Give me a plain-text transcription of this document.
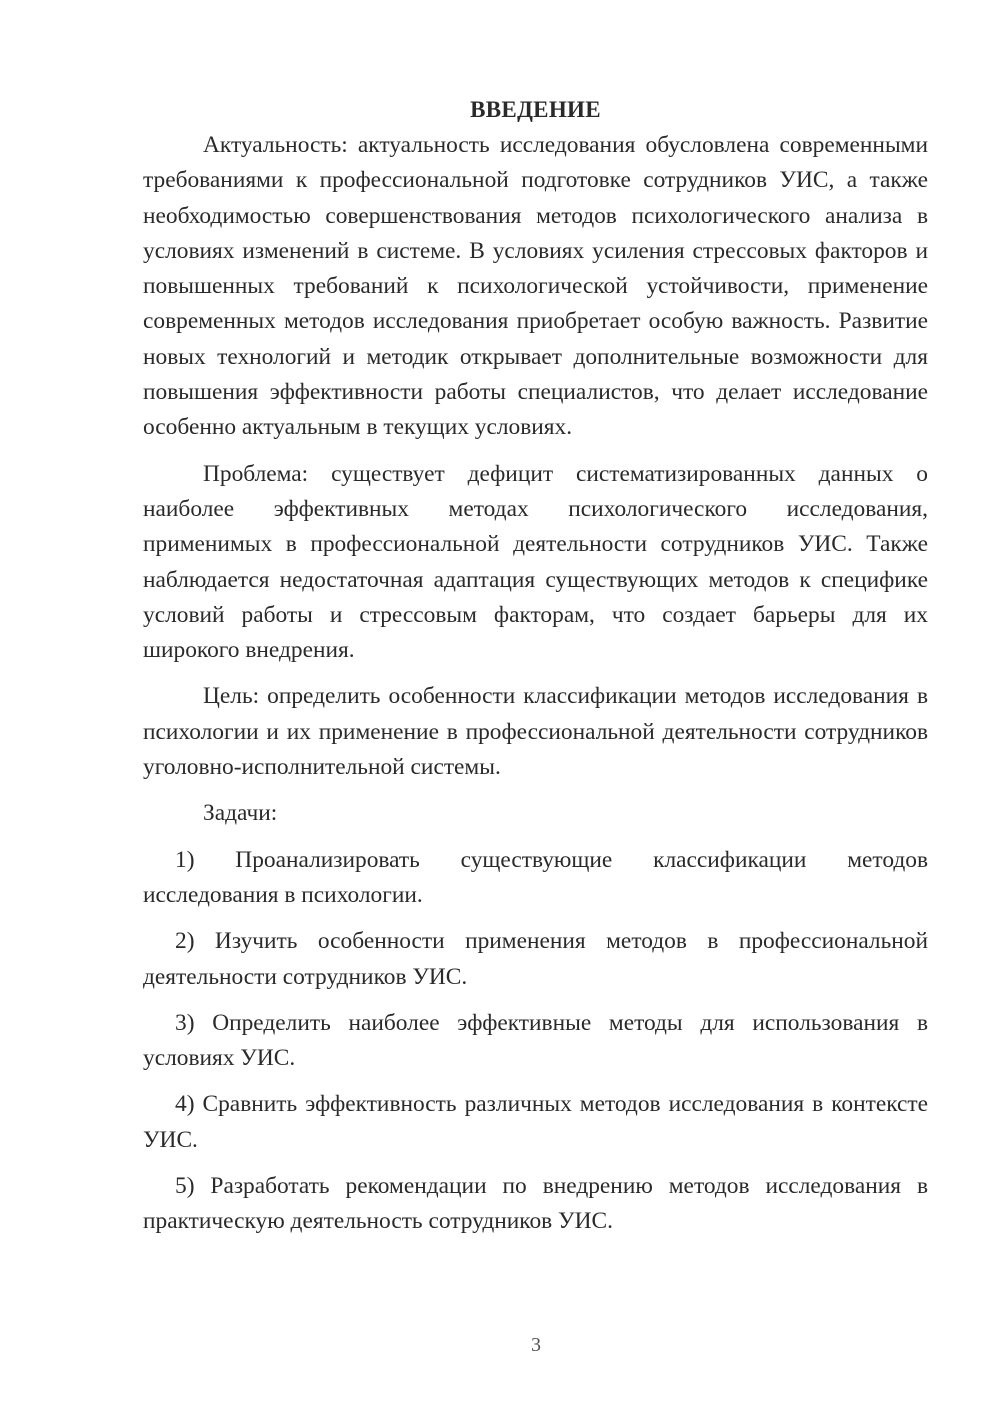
ВВЕДЕНИЕ

Актуальность: актуальность исследования обусловлена современными требованиями к профессиональной подготовке сотрудников УИС, а также необходимостью совершенствования методов психологического анализа в условиях изменений в системе. В условиях усиления стрессовых факторов и повышенных требований к психологической устойчивости, применение современных методов исследования приобретает особую важность. Развитие новых технологий и методик открывает дополнительные возможности для повышения эффективности работы специалистов, что делает исследование особенно актуальным в текущих условиях.

Проблема: существует дефицит систематизированных данных о наиболее эффективных методах психологического исследования, применимых в профессиональной деятельности сотрудников УИС. Также наблюдается недостаточная адаптация существующих методов к специфике условий работы и стрессовым факторам, что создает барьеры для их широкого внедрения.

Цель: определить особенности классификации методов исследования в психологии и их применение в профессиональной деятельности сотрудников уголовно-исполнительной системы.

Задачи:

1) Проанализировать существующие классификации методов исследования в психологии.

2) Изучить особенности применения методов в профессиональной деятельности сотрудников УИС.

3) Определить наиболее эффективные методы для использования в условиях УИС.

4) Сравнить эффективность различных методов исследования в контексте УИС.

5) Разработать рекомендации по внедрению методов исследования в практическую деятельность сотрудников УИС.

3
